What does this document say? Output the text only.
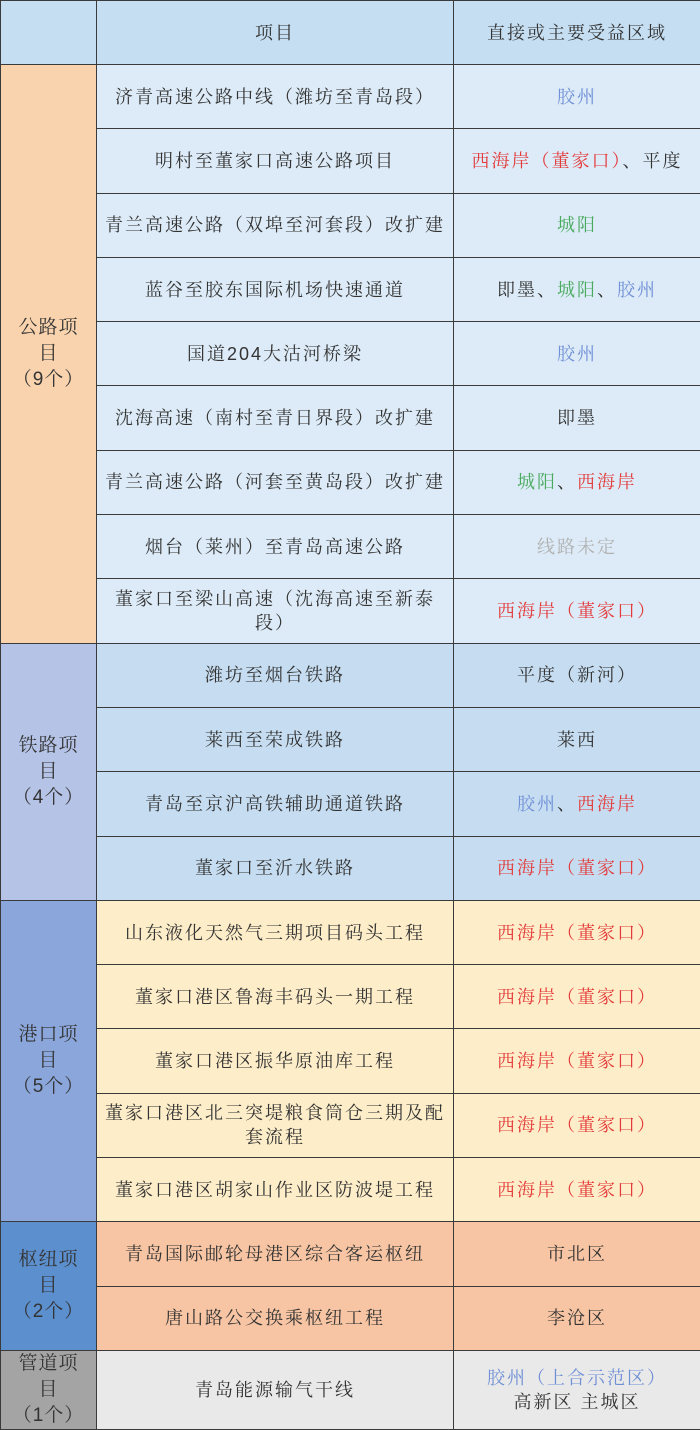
	项目	直接或主要受益区域
公路项目
（9个）	济青高速公路中线（潍坊至青岛段）	胶州
	明村至董家口高速公路项目	西海岸（董家口）、平度
	青兰高速公路（双埠至河套段）改扩建	城阳
	蓝谷至胶东国际机场快速通道	即墨、城阳、胶州
	国道204大沽河桥梁	胶州
	沈海高速（南村至青日界段）改扩建	即墨
	青兰高速公路（河套至黄岛段）改扩建	城阳、西海岸
	烟台（莱州）至青岛高速公路	线路未定
	董家口至梁山高速（沈海高速至新泰段）	西海岸（董家口）
铁路项目
（4个）	潍坊至烟台铁路	平度（新河）
	莱西至荣成铁路	莱西
	青岛至京沪高铁辅助通道铁路	胶州、西海岸
	董家口至沂水铁路	西海岸（董家口）
港口项目
（5个）	山东液化天然气三期项目码头工程	西海岸（董家口）
	董家口港区鲁海丰码头一期工程	西海岸（董家口）
	董家口港区振华原油库工程	西海岸（董家口）
	董家口港区北三突堤粮食筒仓三期及配套流程	西海岸（董家口）
	董家口港区胡家山作业区防波堤工程	西海岸（董家口）
枢纽项目
（2个）	青岛国际邮轮母港区综合客运枢纽	市北区
	唐山路公交换乘枢纽工程	李沧区
管道项目
（1个）	青岛能源输气干线	胶州（上合示范区）
高新区 主城区
